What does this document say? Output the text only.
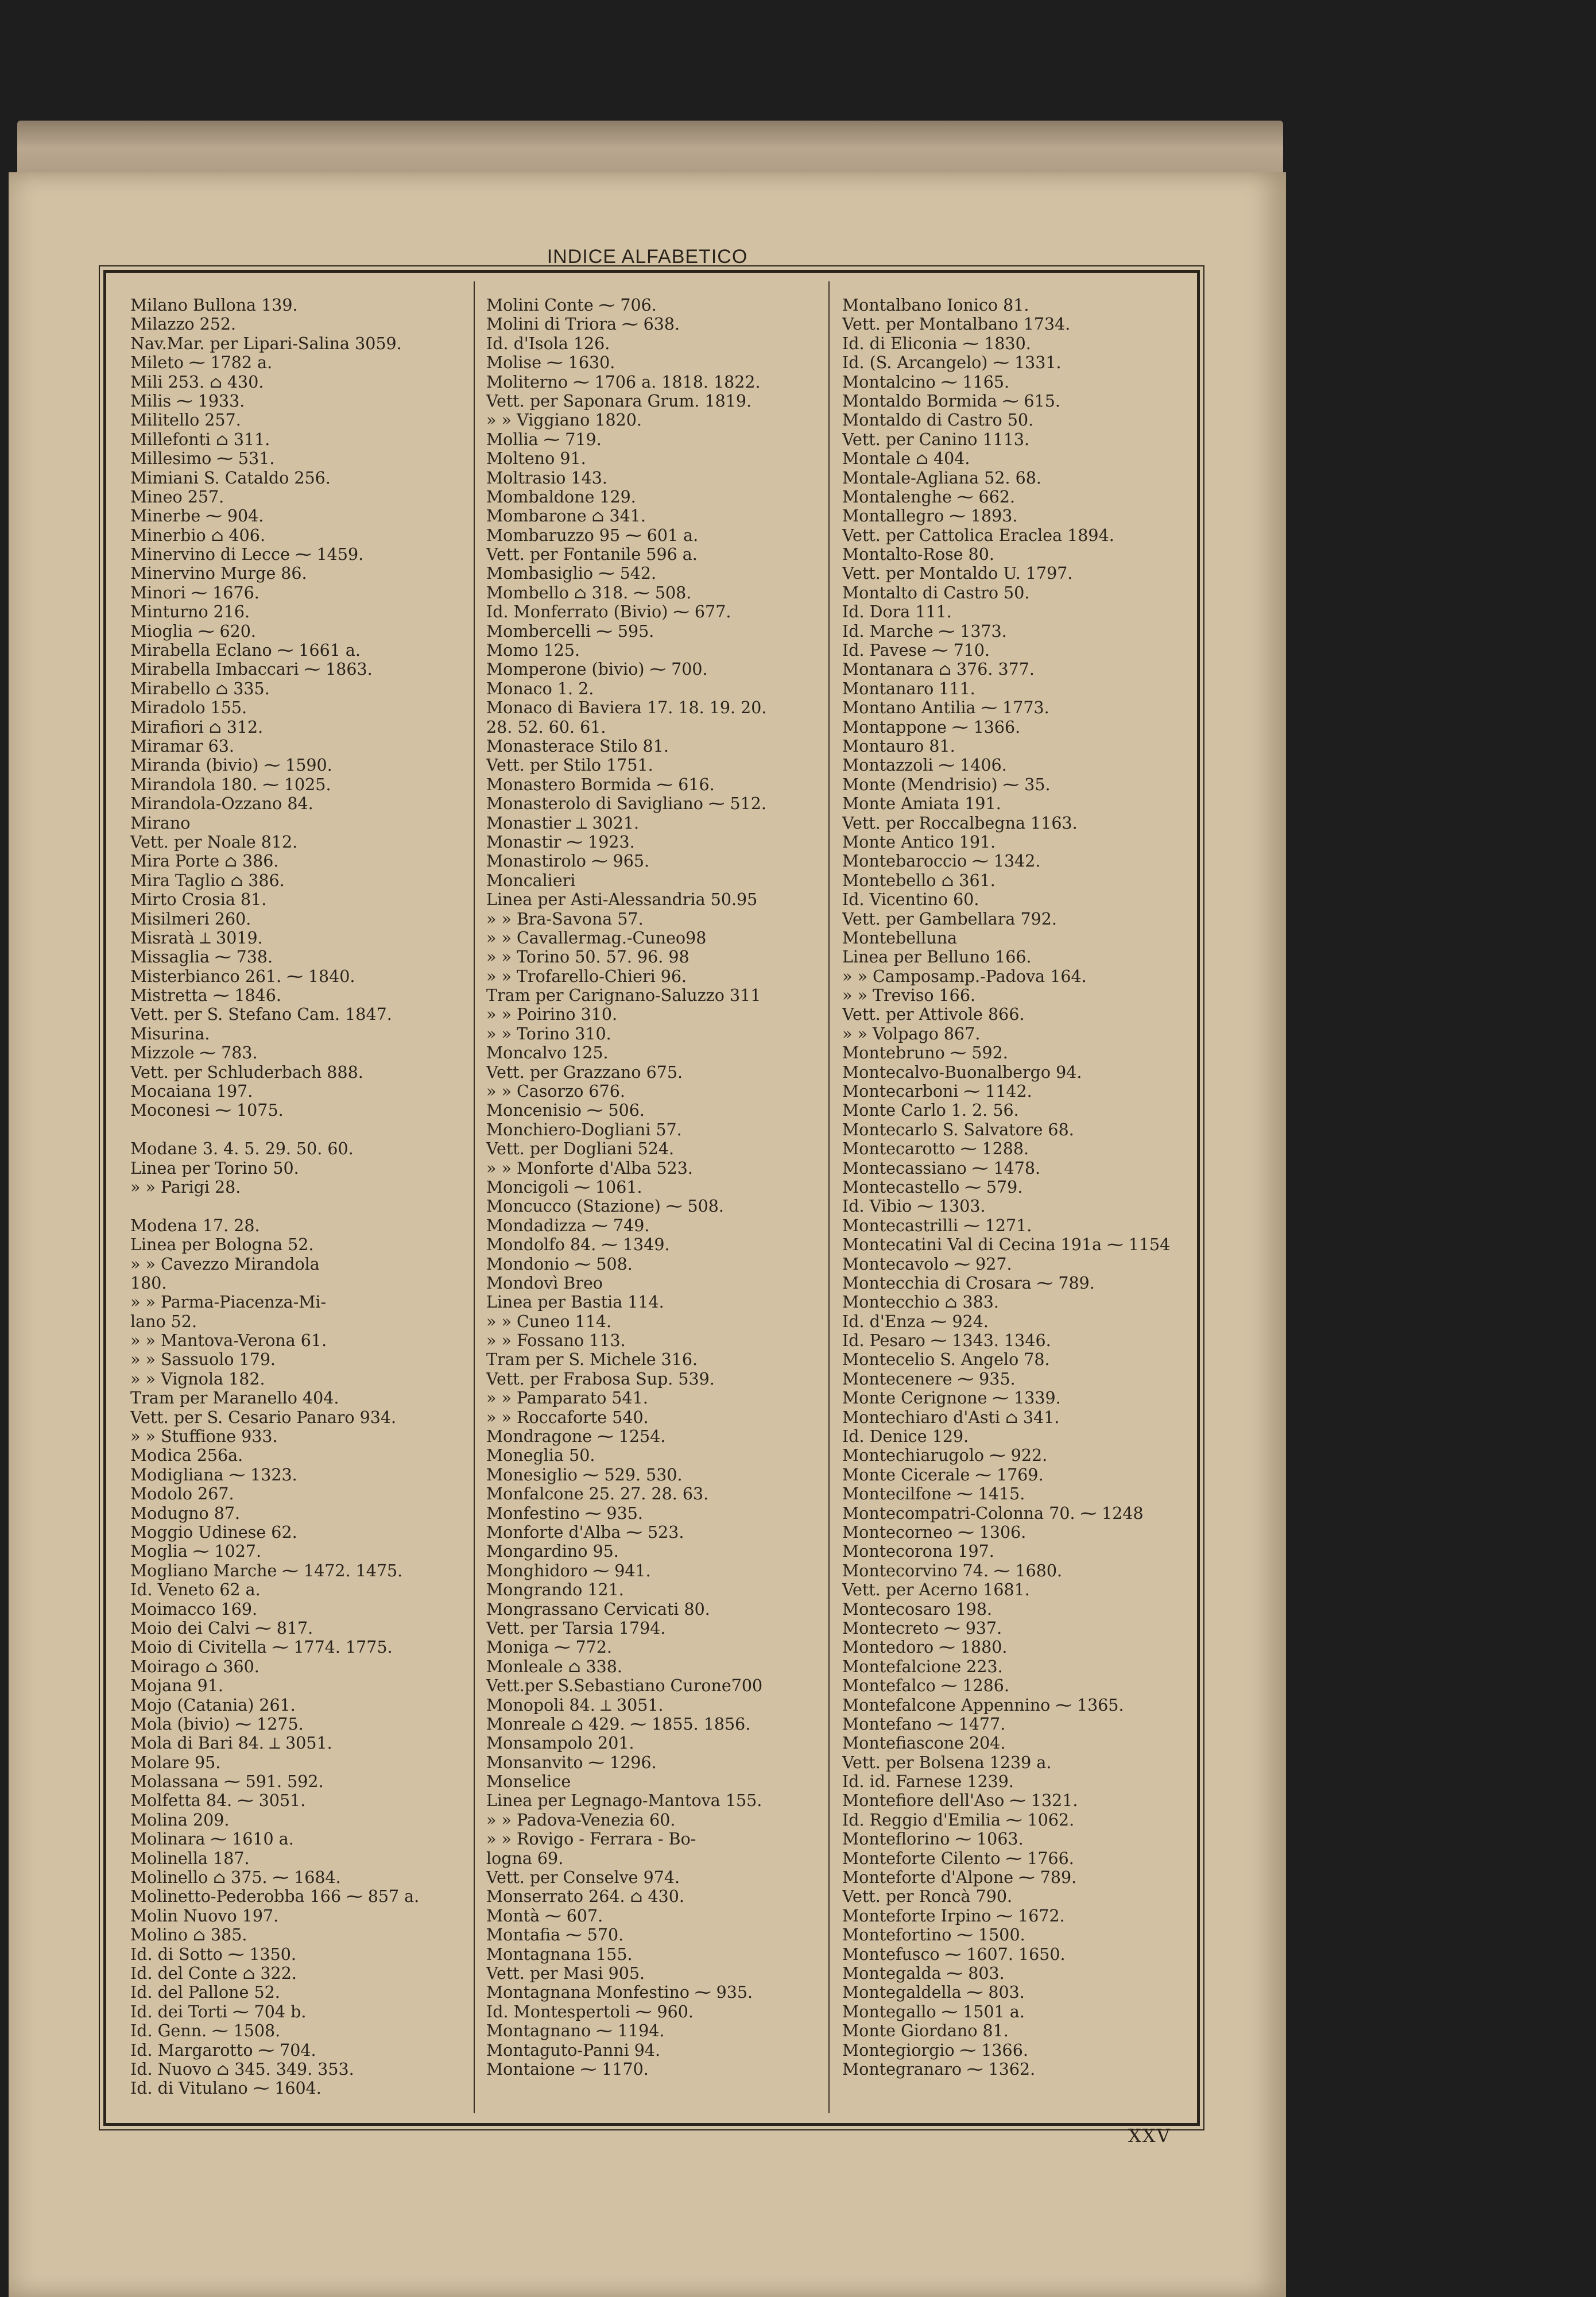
INDICE ALFABETICO
Milano Bullona 139.
Milazzo 252.
Nav.Mar. per Lipari-Salina 3059.
Mileto ⁓ 1782 a.
Mili 253. ⌂ 430.
Milis ⁓ 1933.
Militello 257.
Millefonti ⌂ 311.
Millesimo ⁓ 531.
Mimiani S. Cataldo 256.
Mineo 257.
Minerbe ⁓ 904.
Minerbio ⌂ 406.
Minervino di Lecce ⁓ 1459.
Minervino Murge 86.
Minori ⁓ 1676.
Minturno 216.
Mioglia ⁓ 620.
Mirabella Eclano ⁓ 1661 a.
Mirabella Imbaccari ⁓ 1863.
Mirabello ⌂ 335.
Miradolo 155.
Mirafiori ⌂ 312.
Miramar 63.
Miranda (bivio) ⁓ 1590.
Mirandola 180. ⁓ 1025.
Mirandola-Ozzano 84.
Mirano
Vett. per Noale 812.
Mira Porte ⌂ 386.
Mira Taglio ⌂ 386.
Mirto Crosia 81.
Misilmeri 260.
Misratà ⟂ 3019.
Missaglia ⁓ 738.
Misterbianco 261. ⁓ 1840.
Mistretta ⁓ 1846.
Vett. per S. Stefano Cam. 1847.
Misurina.
Mizzole ⁓ 783.
Vett. per Schluderbach 888.
Mocaiana 197.
Moconesi ⁓ 1075.
Modane 3. 4. 5. 29. 50. 60.
Linea per Torino 50.
» » Parigi 28.
Modena 17. 28.
Linea per Bologna 52.
» » Cavezzo Mirandola
180.
» » Parma-Piacenza-Mi-
lano 52.
» » Mantova-Verona 61.
» » Sassuolo 179.
» » Vignola 182.
Tram per Maranello 404.
Vett. per S. Cesario Panaro 934.
» » Stuffione 933.
Modica 256a.
Modigliana ⁓ 1323.
Modolo 267.
Modugno 87.
Moggio Udinese 62.
Moglia ⁓ 1027.
Mogliano Marche ⁓ 1472. 1475.
Id. Veneto 62 a.
Moimacco 169.
Moio dei Calvi ⁓ 817.
Moio di Civitella ⁓ 1774. 1775.
Moirago ⌂ 360.
Mojana 91.
Mojo (Catania) 261.
Mola (bivio) ⁓ 1275.
Mola di Bari 84. ⟂ 3051.
Molare 95.
Molassana ⁓ 591. 592.
Molfetta 84. ⁓ 3051.
Molina 209.
Molinara ⁓ 1610 a.
Molinella 187.
Molinello ⌂ 375. ⁓ 1684.
Molinetto-Pederobba 166 ⁓ 857 a.
Molin Nuovo 197.
Molino ⌂ 385.
Id. di Sotto ⁓ 1350.
Id. del Conte ⌂ 322.
Id. del Pallone 52.
Id. dei Torti ⁓ 704 b.
Id. Genn. ⁓ 1508.
Id. Margarotto ⁓ 704.
Id. Nuovo ⌂ 345. 349. 353.
Id. di Vitulano ⁓ 1604.
Molini Conte ⁓ 706.
Molini di Triora ⁓ 638.
Id. d'Isola 126.
Molise ⁓ 1630.
Moliterno ⁓ 1706 a. 1818. 1822.
Vett. per Saponara Grum. 1819.
» » Viggiano 1820.
Mollia ⁓ 719.
Molteno 91.
Moltrasio 143.
Mombaldone 129.
Mombarone ⌂ 341.
Mombaruzzo 95 ⁓ 601 a.
Vett. per Fontanile 596 a.
Mombasiglio ⁓ 542.
Mombello ⌂ 318. ⁓ 508.
Id. Monferrato (Bivio) ⁓ 677.
Mombercelli ⁓ 595.
Momo 125.
Momperone (bivio) ⁓ 700.
Monaco 1. 2.
Monaco di Baviera 17. 18. 19. 20.
28. 52. 60. 61.
Monasterace Stilo 81.
Vett. per Stilo 1751.
Monastero Bormida ⁓ 616.
Monasterolo di Savigliano ⁓ 512.
Monastier ⟂ 3021.
Monastir ⁓ 1923.
Monastirolo ⁓ 965.
Moncalieri
Linea per Asti-Alessandria 50.95
» » Bra-Savona 57.
» » Cavallermag.-Cuneo98
» » Torino 50. 57. 96. 98
» » Trofarello-Chieri 96.
Tram per Carignano-Saluzzo 311
» » Poirino 310.
» » Torino 310.
Moncalvo 125.
Vett. per Grazzano 675.
» » Casorzo 676.
Moncenisio ⁓ 506.
Monchiero-Dogliani 57.
Vett. per Dogliani 524.
» » Monforte d'Alba 523.
Moncigoli ⁓ 1061.
Moncucco (Stazione) ⁓ 508.
Mondadizza ⁓ 749.
Mondolfo 84. ⁓ 1349.
Mondonio ⁓ 508.
Mondovì Breo
Linea per Bastia 114.
» » Cuneo 114.
» » Fossano 113.
Tram per S. Michele 316.
Vett. per Frabosa Sup. 539.
» » Pamparato 541.
» » Roccaforte 540.
Mondragone ⁓ 1254.
Moneglia 50.
Monesiglio ⁓ 529. 530.
Monfalcone 25. 27. 28. 63.
Monfestino ⁓ 935.
Monforte d'Alba ⁓ 523.
Mongardino 95.
Monghidoro ⁓ 941.
Mongrando 121.
Mongrassano Cervicati 80.
Vett. per Tarsia 1794.
Moniga ⁓ 772.
Monleale ⌂ 338.
Vett.per S.Sebastiano Curone700
Monopoli 84. ⟂ 3051.
Monreale ⌂ 429. ⁓ 1855. 1856.
Monsampolo 201.
Monsanvito ⁓ 1296.
Monselice
Linea per Legnago-Mantova 155.
» » Padova-Venezia 60.
» » Rovigo - Ferrara - Bo-
logna 69.
Vett. per Conselve 974.
Monserrato 264. ⌂ 430.
Montà ⁓ 607.
Montafia ⁓ 570.
Montagnana 155.
Vett. per Masi 905.
Montagnana Monfestino ⁓ 935.
Id. Montespertoli ⁓ 960.
Montagnano ⁓ 1194.
Montaguto-Panni 94.
Montaione ⁓ 1170.
Montalbano Ionico 81.
Vett. per Montalbano 1734.
Id. di Eliconia ⁓ 1830.
Id. (S. Arcangelo) ⁓ 1331.
Montalcino ⁓ 1165.
Montaldo Bormida ⁓ 615.
Montaldo di Castro 50.
Vett. per Canino 1113.
Montale ⌂ 404.
Montale-Agliana 52. 68.
Montalenghe ⁓ 662.
Montallegro ⁓ 1893.
Vett. per Cattolica Eraclea 1894.
Montalto-Rose 80.
Vett. per Montaldo U. 1797.
Montalto di Castro 50.
Id. Dora 111.
Id. Marche ⁓ 1373.
Id. Pavese ⁓ 710.
Montanara ⌂ 376. 377.
Montanaro 111.
Montano Antilia ⁓ 1773.
Montappone ⁓ 1366.
Montauro 81.
Montazzoli ⁓ 1406.
Monte (Mendrisio) ⁓ 35.
Monte Amiata 191.
Vett. per Roccalbegna 1163.
Monte Antico 191.
Montebaroccio ⁓ 1342.
Montebello ⌂ 361.
Id. Vicentino 60.
Vett. per Gambellara 792.
Montebelluna
Linea per Belluno 166.
» » Camposamp.-Padova 164.
» » Treviso 166.
Vett. per Attivole 866.
» » Volpago 867.
Montebruno ⁓ 592.
Montecalvo-Buonalbergo 94.
Montecarboni ⁓ 1142.
Monte Carlo 1. 2. 56.
Montecarlo S. Salvatore 68.
Montecarotto ⁓ 1288.
Montecassiano ⁓ 1478.
Montecastello ⁓ 579.
Id. Vibio ⁓ 1303.
Montecastrilli ⁓ 1271.
Montecatini Val di Cecina 191a ⁓ 1154
Montecavolo ⁓ 927.
Montecchia di Crosara ⁓ 789.
Montecchio ⌂ 383.
Id. d'Enza ⁓ 924.
Id. Pesaro ⁓ 1343. 1346.
Montecelio S. Angelo 78.
Montecenere ⁓ 935.
Monte Cerignone ⁓ 1339.
Montechiaro d'Asti ⌂ 341.
Id. Denice 129.
Montechiarugolo ⁓ 922.
Monte Cicerale ⁓ 1769.
Montecilfone ⁓ 1415.
Montecompatri-Colonna 70. ⁓ 1248
Montecorneo ⁓ 1306.
Montecorona 197.
Montecorvino 74. ⁓ 1680.
Vett. per Acerno 1681.
Montecosaro 198.
Montecreto ⁓ 937.
Montedoro ⁓ 1880.
Montefalcione 223.
Montefalco ⁓ 1286.
Montefalcone Appennino ⁓ 1365.
Montefano ⁓ 1477.
Montefiascone 204.
Vett. per Bolsena 1239 a.
Id. id. Farnese 1239.
Montefiore dell'Aso ⁓ 1321.
Id. Reggio d'Emilia ⁓ 1062.
Monteflorino ⁓ 1063.
Monteforte Cilento ⁓ 1766.
Monteforte d'Alpone ⁓ 789.
Vett. per Roncà 790.
Monteforte Irpino ⁓ 1672.
Montefortino ⁓ 1500.
Montefusco ⁓ 1607. 1650.
Montegalda ⁓ 803.
Montegaldella ⁓ 803.
Montegallo ⁓ 1501 a.
Monte Giordano 81.
Montegiorgio ⁓ 1366.
Montegranaro ⁓ 1362.
XXV
